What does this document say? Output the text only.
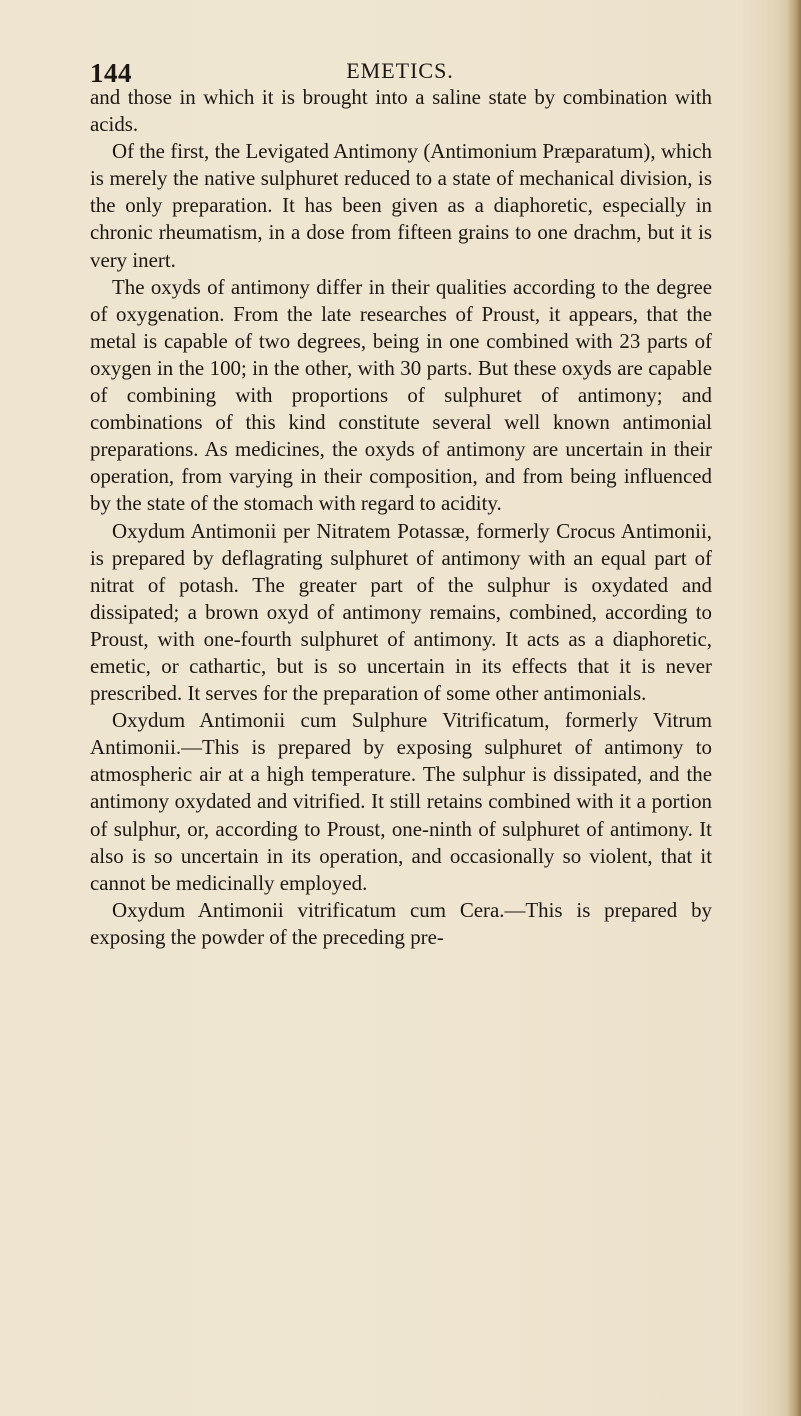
144	EMETICS.

and those in which it is brought into a saline state by combination with acids.

Of the first, the Levigated Antimony (Antimonium Præparatum), which is merely the native sulphuret reduced to a state of mechanical division, is the only preparation. It has been given as a diaphoretic, especially in chronic rheumatism, in a dose from fifteen grains to one drachm, but it is very inert.

The oxyds of antimony differ in their qualities according to the degree of oxygenation. From the late researches of Proust, it appears, that the metal is capable of two degrees, being in one combined with 23 parts of oxygen in the 100; in the other, with 30 parts. But these oxyds are capable of combining with proportions of sulphuret of antimony; and combinations of this kind constitute several well known antimonial preparations. As medicines, the oxyds of antimony are uncertain in their operation, from varying in their composition, and from being influenced by the state of the stomach with regard to acidity.

Oxydum Antimonii per Nitratem Potassæ, formerly Crocus Antimonii, is prepared by deflagrating sulphuret of antimony with an equal part of nitrat of potash. The greater part of the sulphur is oxydated and dissipated; a brown oxyd of antimony remains, combined, according to Proust, with one-fourth sulphuret of antimony. It acts as a diaphoretic, emetic, or cathartic, but is so uncertain in its effects that it is never prescribed. It serves for the preparation of some other antimonials.

Oxydum Antimonii cum Sulphure Vitrificatum, formerly Vitrum Antimonii.—This is prepared by exposing sulphuret of antimony to atmospheric air at a high temperature. The sulphur is dissipated, and the antimony oxydated and vitrified. It still retains combined with it a portion of sulphur, or, according to Proust, one-ninth of sulphuret of antimony. It also is so uncertain in its operation, and occasionally so violent, that it cannot be medicinally employed.

Oxydum Antimonii vitrificatum cum Cera.—This is prepared by exposing the powder of the preceding pre-
